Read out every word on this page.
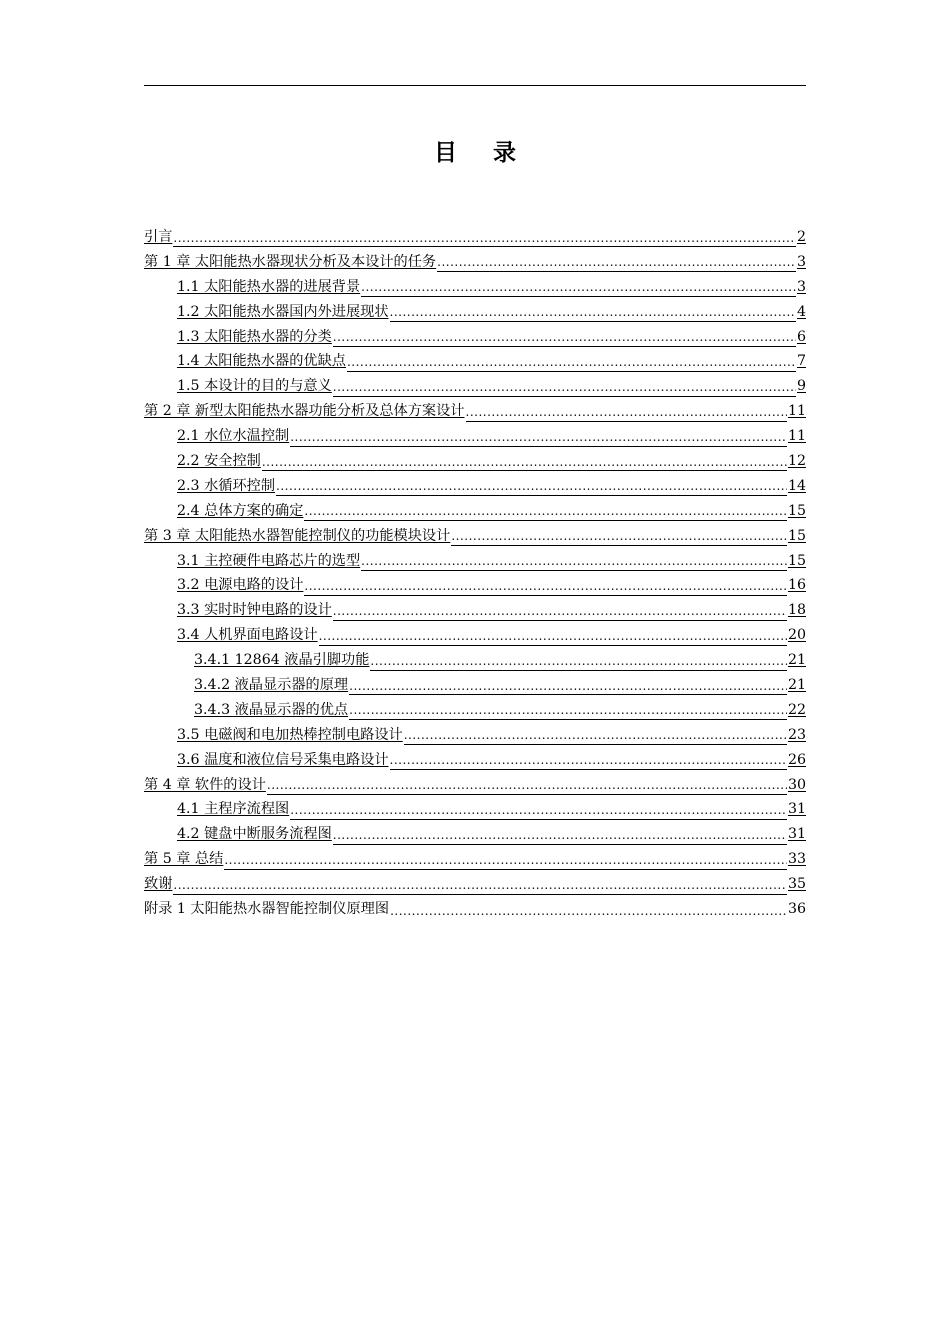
目 录
引言 .....	2
第 1 章 太阳能热水器现状分析及本设计的任务 .....	3
1.1 太阳能热水器的进展背景 .....	3
1.2 太阳能热水器国内外进展现状 .....	4
1.3 太阳能热水器的分类 .....	6
1.4 太阳能热水器的优缺点 .....	7
1.5 本设计的目的与意义 .....	9
第 2 章 新型太阳能热水器功能分析及总体方案设计 .....	11
2.1 水位水温控制 .....	11
2.2 安全控制 .....	12
2.3 水循环控制 .....	14
2.4 总体方案的确定 .....	15
第 3 章 太阳能热水器智能控制仪的功能模块设计 .....	15
3.1 主控硬件电路芯片的选型 .....	15
3.2 电源电路的设计 .....	16
3.3 实时时钟电路的设计 .....	18
3.4 人机界面电路设计 .....	20
3.4.1 12864 液晶引脚功能 .....	21
3.4.2 液晶显示器的原理 .....	21
3.4.3 液晶显示器的优点 .....	22
3.5 电磁阀和电加热棒控制电路设计 .....	23
3.6 温度和液位信号采集电路设计 .....	26
第 4 章 软件的设计 .....	30
4.1 主程序流程图 .....	31
4.2 键盘中断服务流程图 .....	31
第 5 章 总结 .....	33
致谢 .....	35
附录 1 太阳能热水器智能控制仪原理图 .....	36
